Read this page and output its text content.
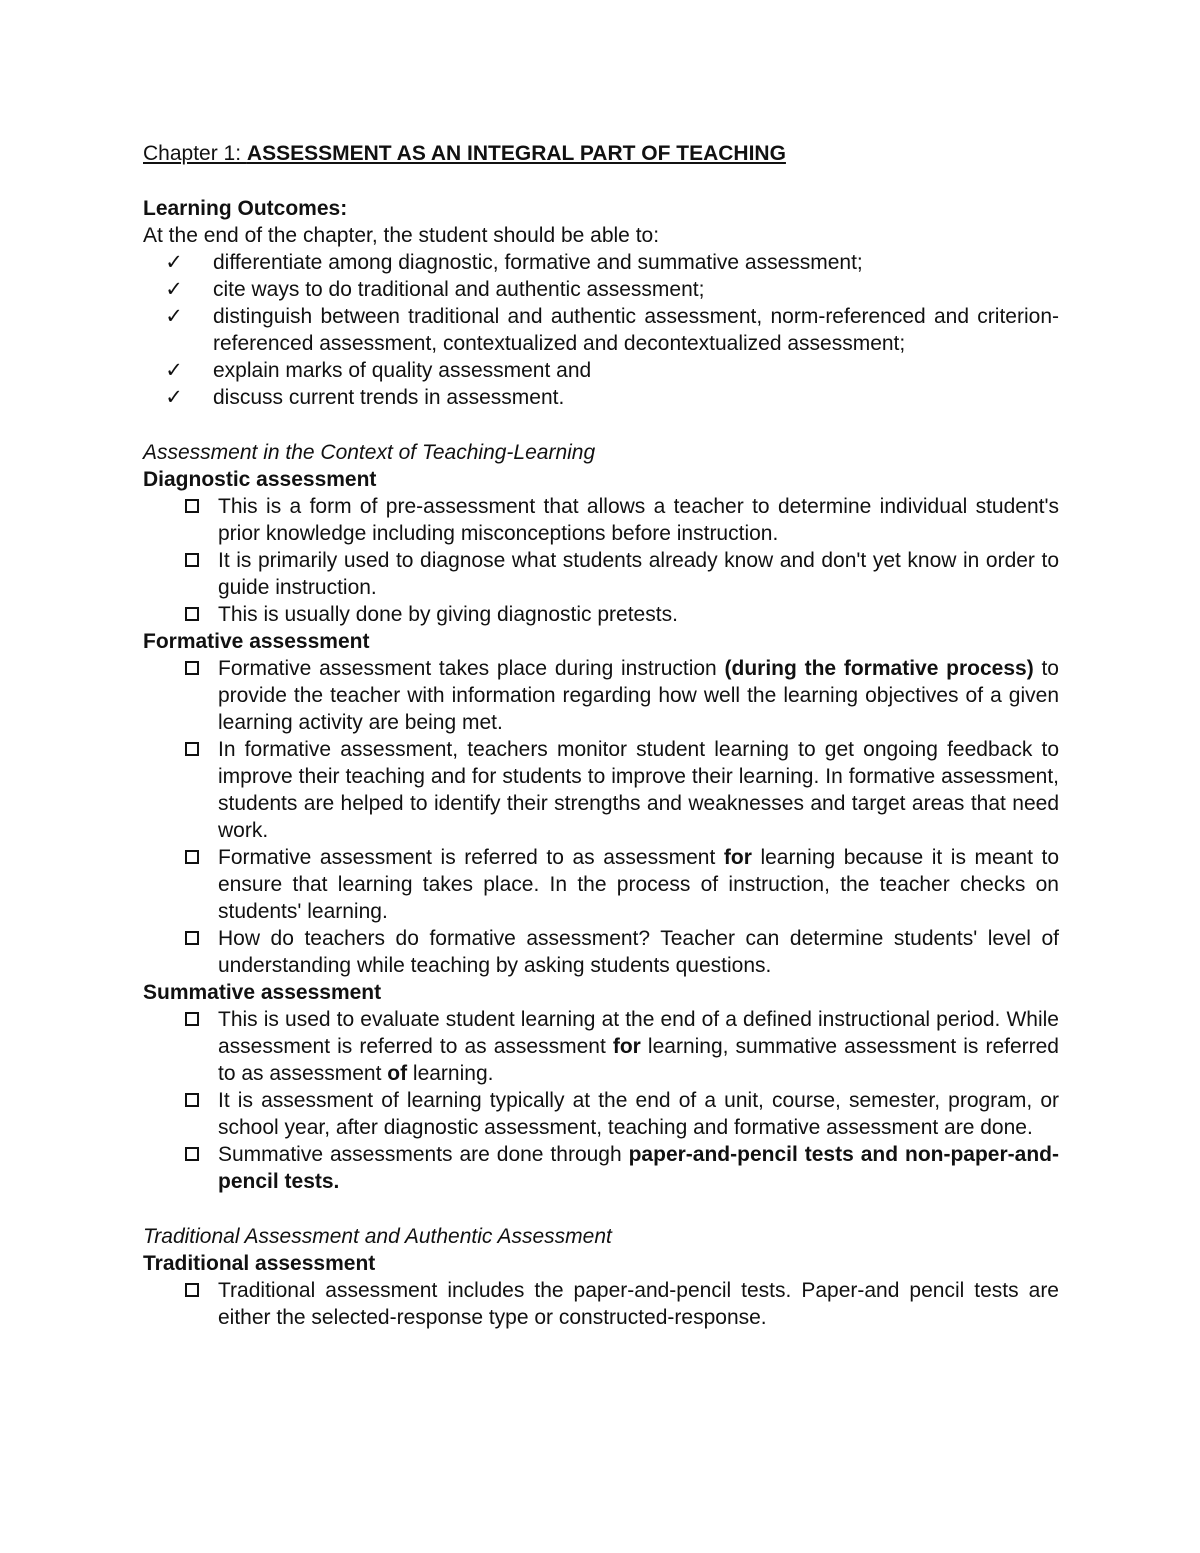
Chapter 1: ASSESSMENT AS AN INTEGRAL PART OF TEACHING

Learning Outcomes:

At the end of the chapter, the student should be able to:

✓ differentiate among diagnostic, formative and summative assessment;
✓ cite ways to do traditional and authentic assessment;
✓ distinguish between traditional and authentic assessment, norm-referenced and criterion-referenced assessment, contextualized and decontextualized assessment;
✓ explain marks of quality assessment and
✓ discuss current trends in assessment.
Assessment in the Context of Teaching-Learning
Diagnostic assessment
This is a form of pre-assessment that allows a teacher to determine individual student's prior knowledge including misconceptions before instruction.
It is primarily used to diagnose what students already know and don't yet know in order to guide instruction.
This is usually done by giving diagnostic pretests.
Formative assessment
Formative assessment takes place during instruction (during the formative process) to provide the teacher with information regarding how well the learning objectives of a given learning activity are being met.
In formative assessment, teachers monitor student learning to get ongoing feedback to improve their teaching and for students to improve their learning. In formative assessment, students are helped to identify their strengths and weaknesses and target areas that need work.
Formative assessment is referred to as assessment for learning because it is meant to ensure that learning takes place. In the process of instruction, the teacher checks on students' learning.
How do teachers do formative assessment? Teacher can determine students' level of understanding while teaching by asking students questions.
Summative assessment
This is used to evaluate student learning at the end of a defined instructional period. While assessment is referred to as assessment for learning, summative assessment is referred to as assessment of learning.
It is assessment of learning typically at the end of a unit, course, semester, program, or school year, after diagnostic assessment, teaching and formative assessment are done.
Summative assessments are done through paper-and-pencil tests and non-paper-and-pencil tests.
Traditional Assessment and Authentic Assessment
Traditional assessment
Traditional assessment includes the paper-and-pencil tests. Paper-and pencil tests are either the selected-response type or constructed-response.
